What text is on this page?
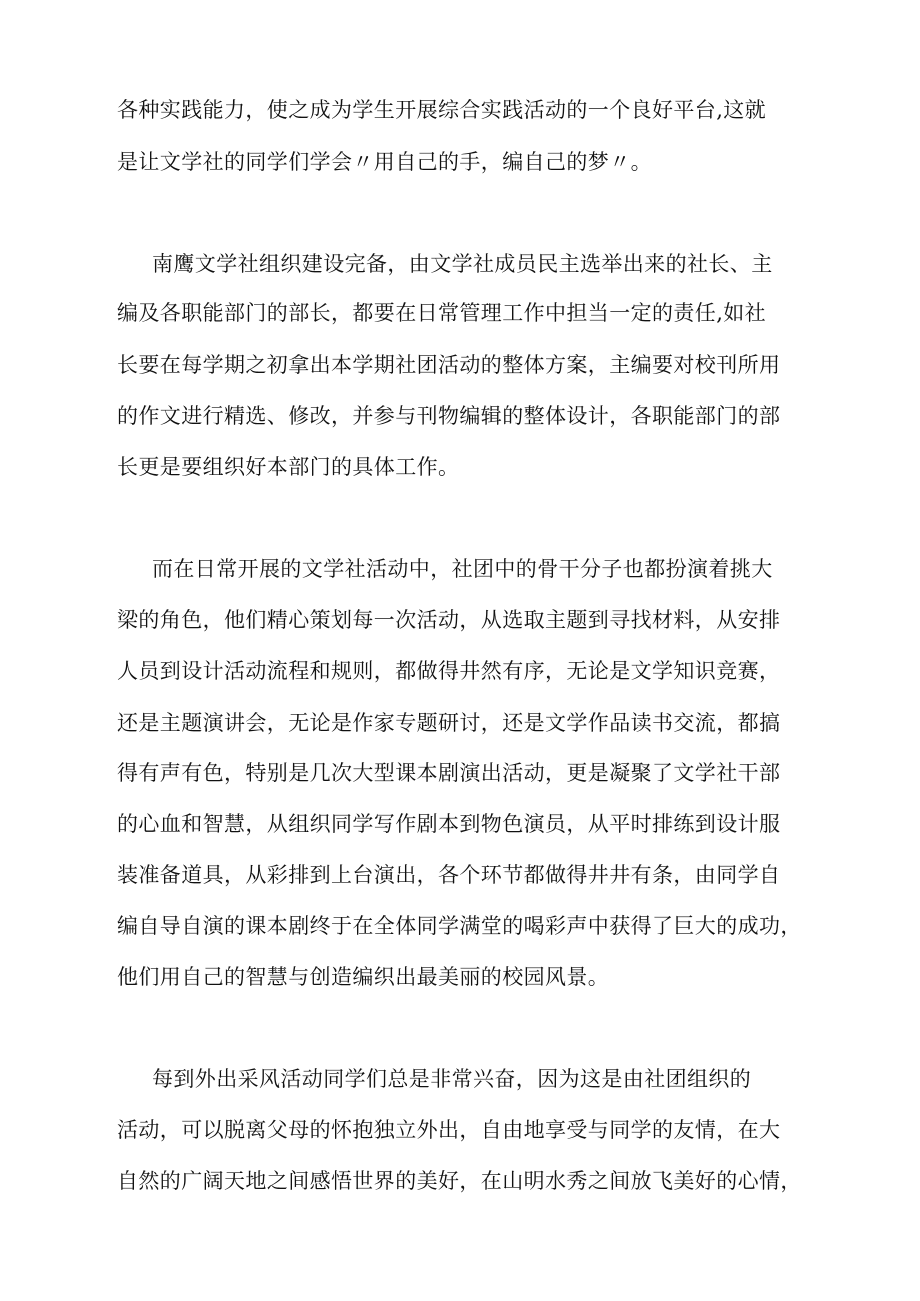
各种实践能力，使之成为学生开展综合实践活动的一个良好平台,这就
是让文学社的同学们学会〃用自己的手，编自己的梦〃。
南鹰文学社组织建设完备，由文学社成员民主选举出来的社长、主
编及各职能部门的部长，都要在日常管理工作中担当一定的责任,如社
长要在每学期之初拿出本学期社团活动的整体方案，主编要对校刊所用
的作文进行精选、修改，并参与刊物编辑的整体设计，各职能部门的部
长更是要组织好本部门的具体工作。
而在日常开展的文学社活动中，社团中的骨干分子也都扮演着挑大
梁的角色，他们精心策划每一次活动，从选取主题到寻找材料，从安排
人员到设计活动流程和规则，都做得井然有序，无论是文学知识竞赛，
还是主题演讲会，无论是作家专题研讨，还是文学作品读书交流，都搞
得有声有色，特别是几次大型课本剧演出活动，更是凝聚了文学社干部
的心血和智慧，从组织同学写作剧本到物色演员，从平时排练到设计服
装准备道具，从彩排到上台演出，各个环节都做得井井有条，由同学自
编自导自演的课本剧终于在全体同学满堂的喝彩声中获得了巨大的成功，
他们用自己的智慧与创造编织出最美丽的校园风景。
每到外出采风活动同学们总是非常兴奋，因为这是由社团组织的
活动，可以脱离父母的怀抱独立外出，自由地享受与同学的友情，在大
自然的广阔天地之间感悟世界的美好，在山明水秀之间放飞美好的心情，
